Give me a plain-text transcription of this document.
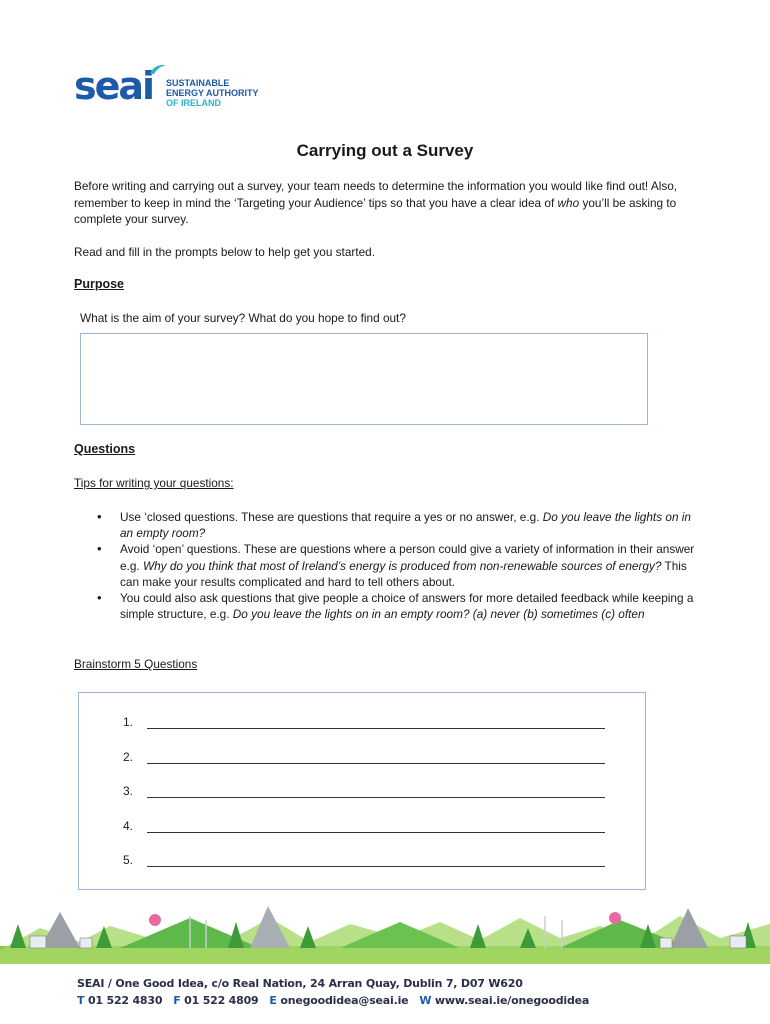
seai SUSTAINABLE
ENERGY AUTHORITY
OF IRELAND
Carrying out a Survey

Before writing and carrying out a survey, your team needs to determine the information you would like find out! Also, remember to keep in mind the ‘Targeting your Audience’ tips so that you have a clear idea of who you’ll be asking to complete your survey.

Read and fill in the prompts below to help get you started.

Purpose
What is the aim of your survey? What do you hope to find out?
Questions
Tips for writing your questions:
• Use ‘closed questions. These are questions that require a yes or no answer, e.g. Do you leave the lights on in an empty room?
• Avoid ‘open’ questions. These are questions where a person could give a variety of information in their answer e.g. Why do you think that most of Ireland’s energy is produced from non-renewable sources of energy? This can make your results complicated and hard to tell others about.
• You could also ask questions that give people a choice of answers for more detailed feedback while keeping a simple structure, e.g. Do you leave the lights on in an empty room? (a) never (b) sometimes (c) often
Brainstorm 5 Questions
1.
2.
3.
4.
5.
SEAI / One Good Idea, c/o Real Nation, 24 Arran Quay, Dublin 7, D07 W620
T 01 522 4830 F 01 522 4809 E onegoodidea@seai.ie W www.seai.ie/onegoodidea
